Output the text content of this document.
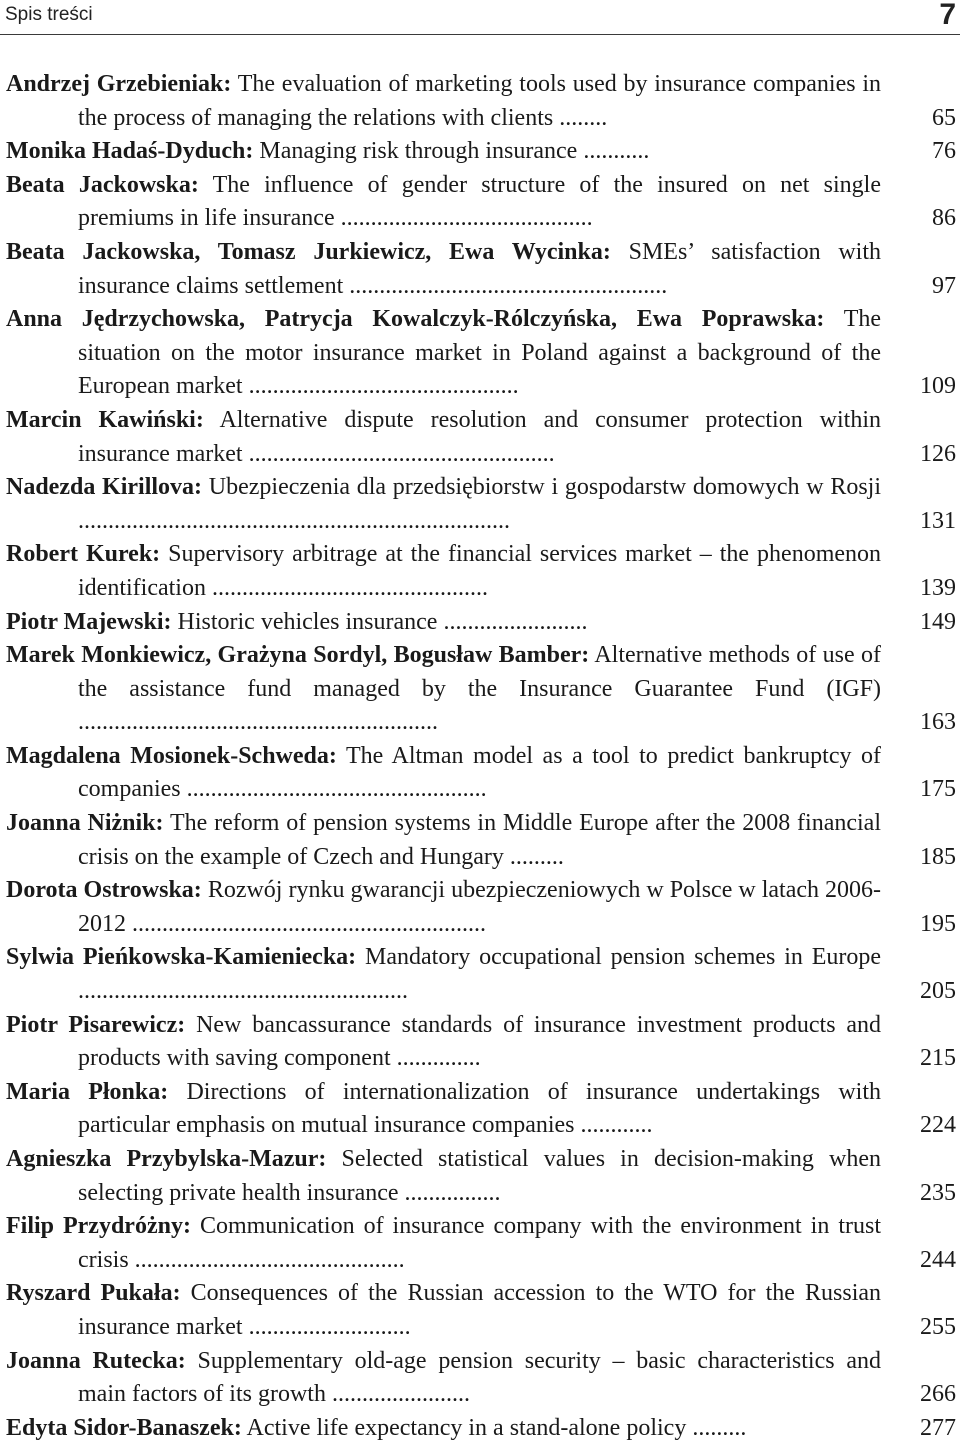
Spis treści	7
Andrzej Grzebieniak: The evaluation of marketing tools used by insurance companies in the process of managing the relations with clients ........	65
Monika Hadaś-Dyduch: Managing risk through insurance ...........	76
Beata Jackowska: The influence of gender structure of the insured on net single premiums in life insurance ..........................................	86
Beata Jackowska, Tomasz Jurkiewicz, Ewa Wycinka: SMEs’ satisfaction with insurance claims settlement .....................................................	97
Anna Jędrzychowska, Patrycja Kowalczyk-Rólczyńska, Ewa Poprawska: The situation on the motor insurance market in Poland against a background of the European market .............................................	109
Marcin Kawiński: Alternative dispute resolution and consumer protection within insurance market ...................................................	126
Nadezda Kirillova: Ubezpieczenia dla przedsiębiorstw i gospodarstw domowych w Rosji ........................................................................	131
Robert Kurek: Supervisory arbitrage at the financial services market – the phenomenon identification ..............................................	139
Piotr Majewski: Historic vehicles insurance ........................	149
Marek Monkiewicz, Grażyna Sordyl, Bogusław Bamber: Alternative methods of use of the assistance fund managed by the Insurance Guarantee Fund (IGF) ............................................................	163
Magdalena Mosionek-Schweda: The Altman model as a tool to predict bankruptcy of companies ..................................................	175
Joanna Niżnik: The reform of pension systems in Middle Europe after the 2008 financial crisis on the example of Czech and Hungary .........	185
Dorota Ostrowska: Rozwój rynku gwarancji ubezpieczeniowych w Polsce w latach 2006-2012 ...........................................................	195
Sylwia Pieńkowska-Kamieniecka: Mandatory occupational pension schemes in Europe .......................................................	205
Piotr Pisarewicz: New bancassurance standards of insurance investment products and products with saving component ..............	215
Maria Płonka: Directions of internationalization of insurance undertakings with particular emphasis on mutual insurance companies ............	224
Agnieszka Przybylska-Mazur: Selected statistical values in decision-making when selecting private health insurance ................	235
Filip Przydróżny: Communication of insurance company with the environment in trust crisis .............................................	244
Ryszard Pukała: Consequences of the Russian accession to the WTO for the Russian insurance market ...........................	255
Joanna Rutecka: Supplementary old-age pension security – basic characteristics and main factors of its growth .......................	266
Edyta Sidor-Banaszek: Active life expectancy in a stand-alone policy .........	277
